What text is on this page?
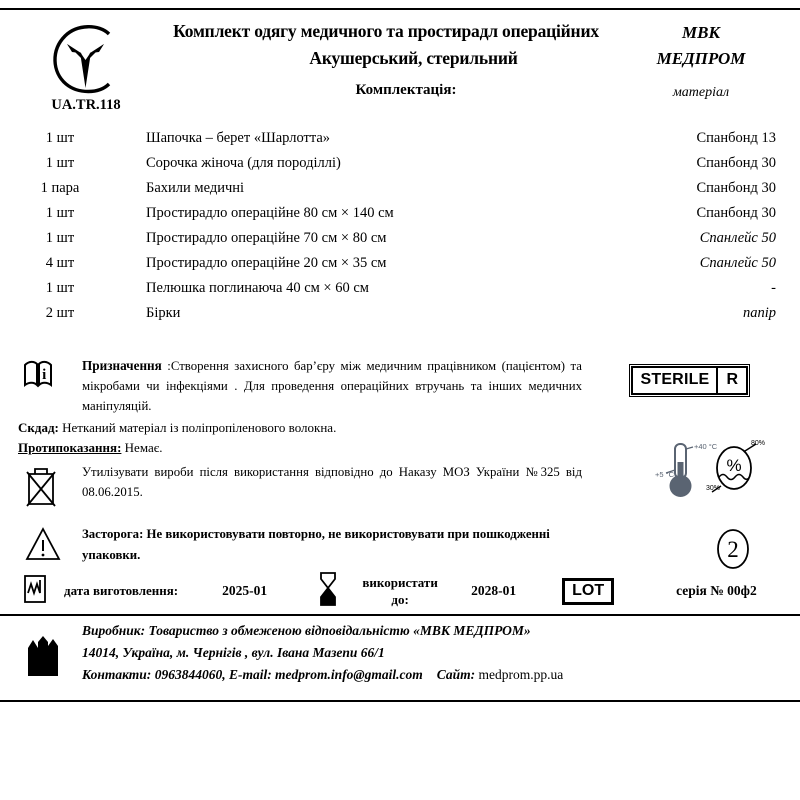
UA.TR.118
Комплект одягу медичного та простирадл операційних
Акушерський, стерильний
Комплектація:
МВК
МЕДПРОМ
матеріал
1 шт	Шапочка – берет «Шарлотта»	Спанбонд 13
1 шт	Сорочка жіноча (для породіллі)	Спанбонд 30
1 пара	Бахили медичні	Спанбонд 30
1 шт	Простирадло операційне 80 см × 140 см	Спанбонд 30
1 шт	Простирадло операційне 70 см × 80 см	Спанлейс 50
4 шт	Простирадло операційне 20 см × 35 см	Спанлейс 50
1 шт	Пелюшка поглинаюча 40 см × 60 см	-
2 шт	Бірки	папір
i
Призначення :Створення захисного бар’єру між медичним працівником (пацієнтом) та мікробами чи інфекціями . Для проведення операційних втручань та інших медичних маніпуляцій.
STERILE	R
Скдад: Нетканий матеріал із поліпропіленового волокна.
Протипоказання: Немає.
Утилізувати вироби після використання відповідно до Наказу МОЗ України №325 від 08.06.2015.
+40 °C
+5 °C	%
80%
30%
Засторога: Не використовувати повторно, не використовувати при пошкодженні упаковки.	2
дата виготовлення:	2025-01
використати до:
2028-01	LOT	серія № 00ф2
Виробник: Товариство з обмеженою відповідальністю «МВК МЕДПРОМ»
14014, Україна, м. Чернігів , вул. Івана Мазепи 66/1
Контакти: 0963844060, E-mail: medprom.info@gmail.com Сайт: medprom.pp.ua
